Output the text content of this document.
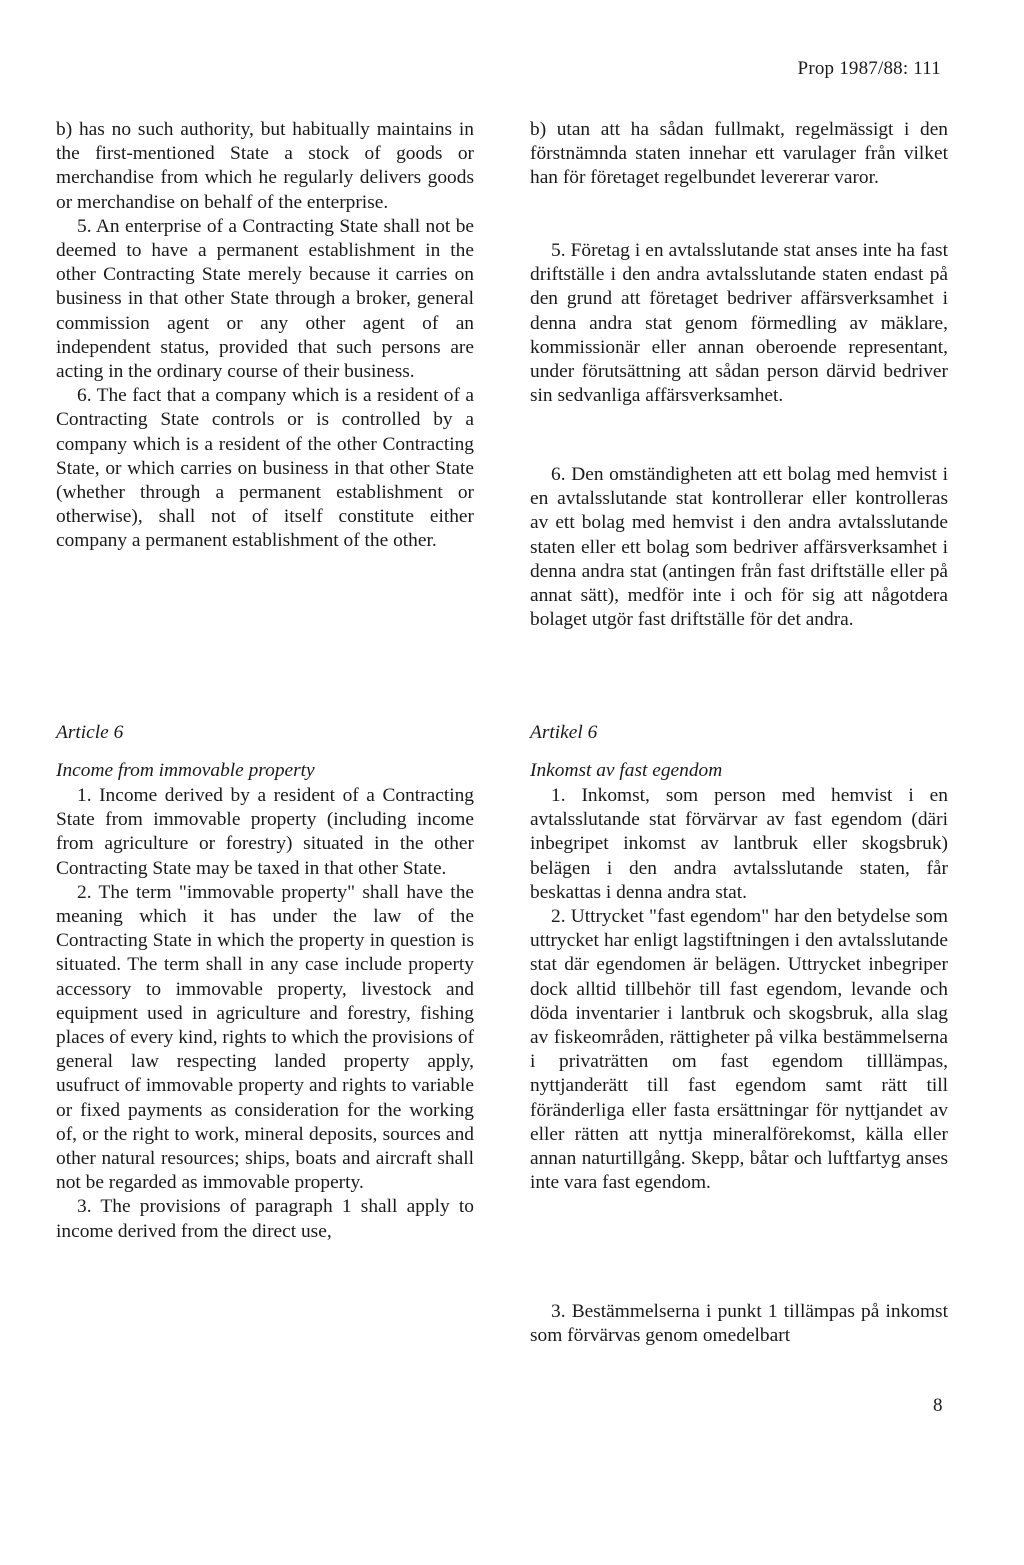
Prop 1987/88: 111

b) has no such authority, but habitually maintains in the first-mentioned State a stock of goods or merchandise from which he regularly delivers goods or merchandise on behalf of the enterprise.

5. An enterprise of a Contracting State shall not be deemed to have a permanent establishment in the other Contracting State merely because it carries on business in that other State through a broker, general commission agent or any other agent of an independent status, provided that such persons are acting in the ordinary course of their business.

6. The fact that a company which is a resident of a Contracting State controls or is controlled by a company which is a resident of the other Contracting State, or which carries on business in that other State (whether through a permanent establishment or otherwise), shall not of itself constitute either company a permanent establishment of the other.

Article 6
Income from immovable property

1. Income derived by a resident of a Contracting State from immovable property (including income from agriculture or forestry) situated in the other Contracting State may be taxed in that other State.

2. The term "immovable property" shall have the meaning which it has under the law of the Contracting State in which the property in question is situated. The term shall in any case include property accessory to immovable property, livestock and equipment used in agriculture and forestry, fishing places of every kind, rights to which the provisions of general law respecting landed property apply, usufruct of immovable property and rights to variable or fixed payments as consideration for the working of, or the right to work, mineral deposits, sources and other natural resources; ships, boats and aircraft shall not be regarded as immovable property.

3. The provisions of paragraph 1 shall apply to income derived from the direct use,

b) utan att ha sådan fullmakt, regelmässigt i den förstnämnda staten innehar ett varulager från vilket han för företaget regelbundet levererar varor.

5. Företag i en avtalsslutande stat anses inte ha fast driftställe i den andra avtalsslutande staten endast på den grund att företaget bedriver affärsverksamhet i denna andra stat genom förmedling av mäklare, kommissionär eller annan oberoende representant, under förutsättning att sådan person därvid bedriver sin sedvanliga affärsverksamhet.

6. Den omständigheten att ett bolag med hemvist i en avtalsslutande stat kontrollerar eller kontrolleras av ett bolag med hemvist i den andra avtalsslutande staten eller ett bolag som bedriver affärsverksamhet i denna andra stat (antingen från fast driftställe eller på annat sätt), medför inte i och för sig att någotdera bolaget utgör fast driftställe för det andra.

Artikel 6
Inkomst av fast egendom

1. Inkomst, som person med hemvist i en avtalsslutande stat förvärvar av fast egendom (däri inbegripet inkomst av lantbruk eller skogsbruk) belägen i den andra avtalsslutande staten, får beskattas i denna andra stat.

2. Uttrycket "fast egendom" har den betydelse som uttrycket har enligt lagstiftningen i den avtalsslutande stat där egendomen är belägen. Uttrycket inbegriper dock alltid tillbehör till fast egendom, levande och döda inventarier i lantbruk och skogsbruk, alla slag av fiskeområden, rättigheter på vilka bestämmelserna i privaträtten om fast egendom tilllämpas, nyttjanderätt till fast egendom samt rätt till föränderliga eller fasta ersättningar för nyttjandet av eller rätten att nyttja mineralförekomst, källa eller annan naturtillgång. Skepp, båtar och luftfartyg anses inte vara fast egendom.

3. Bestämmelserna i punkt 1 tillämpas på inkomst som förvärvas genom omedelbart

8
